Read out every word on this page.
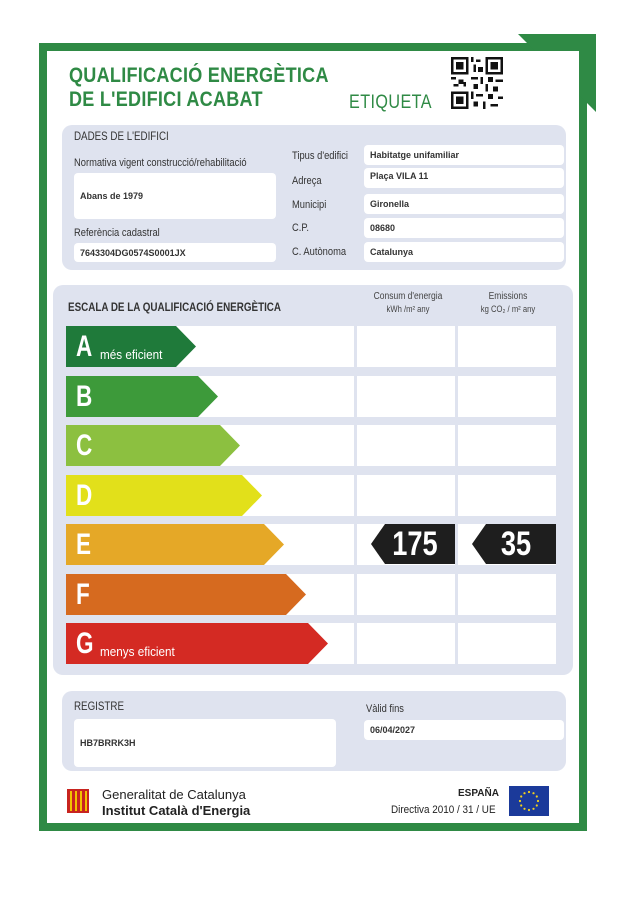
QUALIFICACIÓ ENERGÈTICA
DE L'EDIFICI ACABAT	ETIQUETA
DADES DE L'EDIFICI
Normativa vigent construcció/rehabilitació
Abans de 1979
Referència cadastral
7643304DG0574S0001JX
Tipus d'edifici	Habitatge unifamiliar
Adreça	Plaça VILA 11
Municipi	Gironella
C.P.	08680
C. Autònoma	Catalunya
ESCALA DE LA QUALIFICACIÓ ENERGÈTICA
Consum d'energia
kWh /m² any
Emissions
kg CO₂ / m² any
A més eficient
B
C
D
E	175	35
F
G menys eficient
REGISTRE
HB7BRRK3H
Vàlid fins
06/04/2027
Generalitat de Catalunya
Institut Català d'Energia
ESPAÑA
Directiva 2010 / 31 / UE
